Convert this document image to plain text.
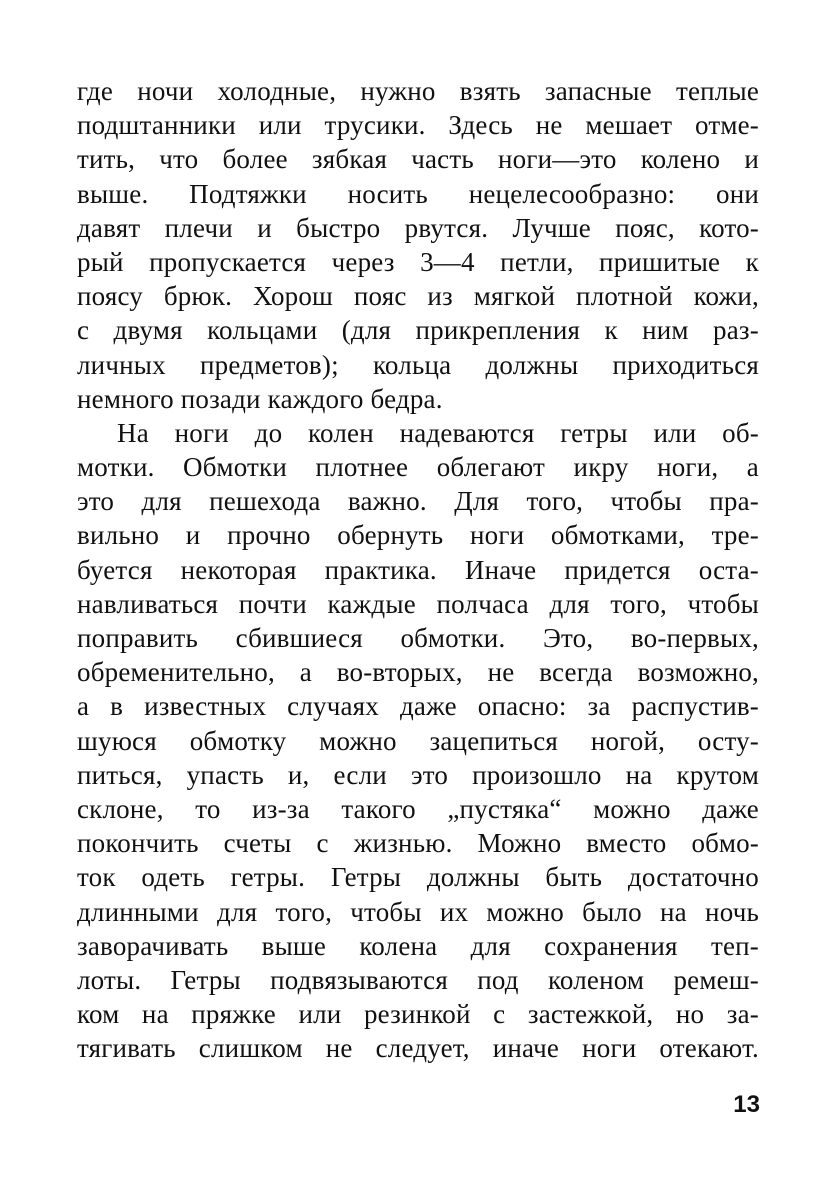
где ночи холодные, нужно взять запасные теплые
подштанники или трусики. Здесь не мешает отме-
тить, что более зябкая часть ноги—это колено и
выше. Подтяжки носить нецелесообразно: они
давят плечи и быстро рвутся. Лучше пояс, кото-
рый пропускается через 3—4 петли, пришитые к
поясу брюк. Хорош пояс из мягкой плотной кожи,
с двумя кольцами (для прикрепления к ним раз-
личных предметов); кольца должны приходиться
немного позади каждого бедра.
На ноги до колен надеваются гетры или об-
мотки. Обмотки плотнее облегают икру ноги, а
это для пешехода важно. Для того, чтобы пра-
вильно и прочно обернуть ноги обмотками, тре-
буется некоторая практика. Иначе придется оста-
навливаться почти каждые полчаса для того, чтобы
поправить сбившиеся обмотки. Это, во-первых,
обременительно, а во-вторых, не всегда возможно,
а в известных случаях даже опасно: за распустив-
шуюся обмотку можно зацепиться ногой, осту-
питься, упасть и, если это произошло на крутом
склоне, то из-за такого „пустяка“ можно даже
покончить счеты с жизнью. Можно вместо обмо-
ток одеть гетры. Гетры должны быть достаточно
длинными для того, чтобы их можно было на ночь
заворачивать выше колена для сохранения теп-
лоты. Гетры подвязываются под коленом ремеш-
ком на пряжке или резинкой с застежкой, но за-
тягивать слишком не следует, иначе ноги отекают.
13
